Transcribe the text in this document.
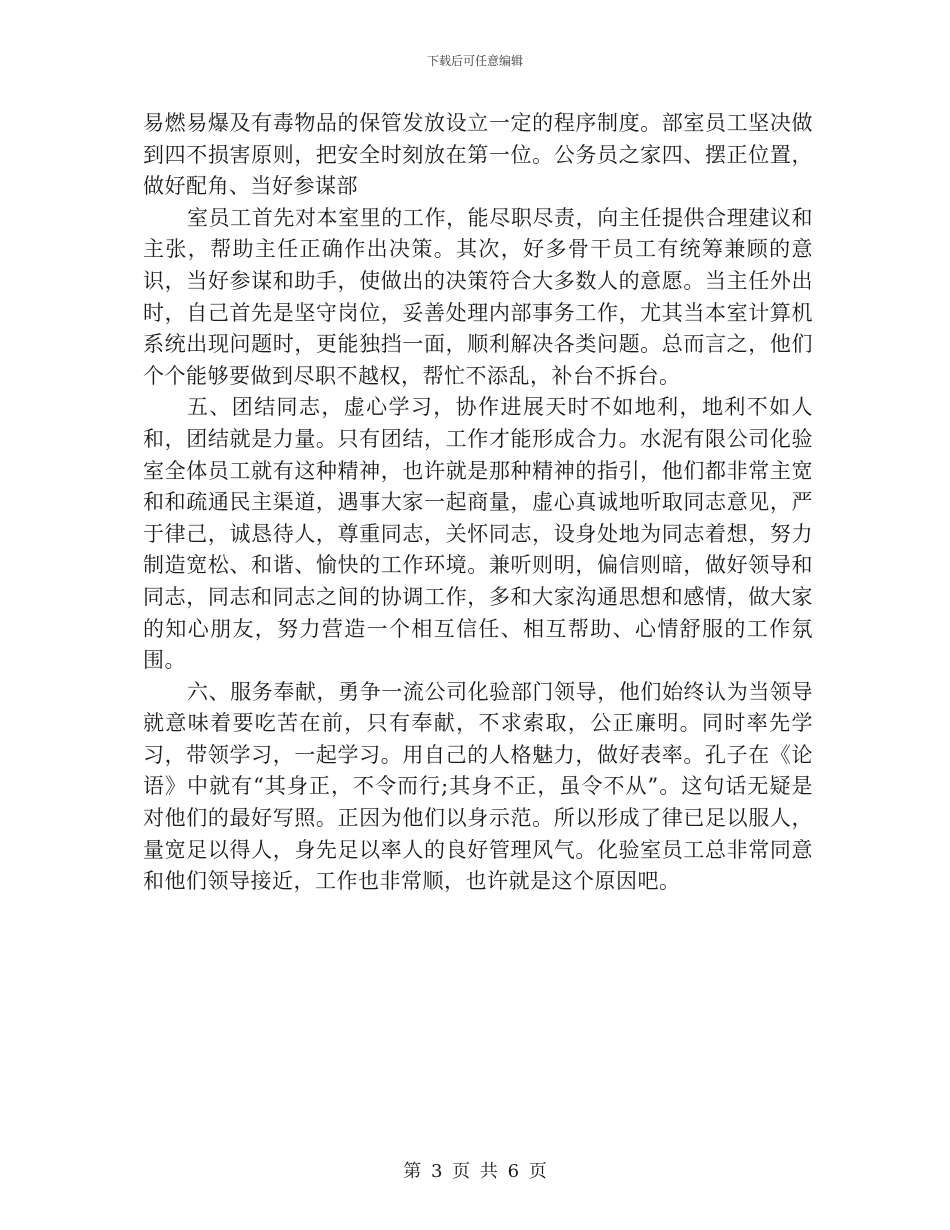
下载后可任意编辑

易燃易爆及有毒物品的保管发放设立一定的程序制度。部室员工坚决做到四不损害原则，把安全时刻放在第一位。公务员之家四、摆正位置，做好配角、当好参谋部

室员工首先对本室里的工作，能尽职尽责，向主任提供合理建议和主张，帮助主任正确作出决策。其次，好多骨干员工有统筹兼顾的意识，当好参谋和助手，使做出的决策符合大多数人的意愿。当主任外出时，自己首先是坚守岗位，妥善处理内部事务工作，尤其当本室计算机系统出现问题时，更能独挡一面，顺利解决各类问题。总而言之，他们个个能够要做到尽职不越权，帮忙不添乱，补台不拆台。

五、团结同志，虚心学习，协作进展天时不如地利，地利不如人和，团结就是力量。只有团结，工作才能形成合力。水泥有限公司化验室全体员工就有这种精神，也许就是那种精神的指引，他们都非常主宽和和疏通民主渠道，遇事大家一起商量，虚心真诚地听取同志意见，严于律己，诚恳待人，尊重同志，关怀同志，设身处地为同志着想，努力制造宽松、和谐、愉快的工作环境。兼听则明，偏信则暗，做好领导和同志，同志和同志之间的协调工作，多和大家沟通思想和感情，做大家的知心朋友，努力营造一个相互信任、相互帮助、心情舒服的工作氛围。

六、服务奉献，勇争一流公司化验部门领导，他们始终认为当领导就意味着要吃苦在前，只有奉献，不求索取，公正廉明。同时率先学习，带领学习，一起学习。用自己的人格魅力，做好表率。孔子在《论语》中就有“其身正，不令而行;其身不正，虽令不从”。这句话无疑是对他们的最好写照。正因为他们以身示范。所以形成了律已足以服人，量宽足以得人，身先足以率人的良好管理风气。化验室员工总非常同意和他们领导接近，工作也非常顺，也许就是这个原因吧。

第 3 页 共 6 页
